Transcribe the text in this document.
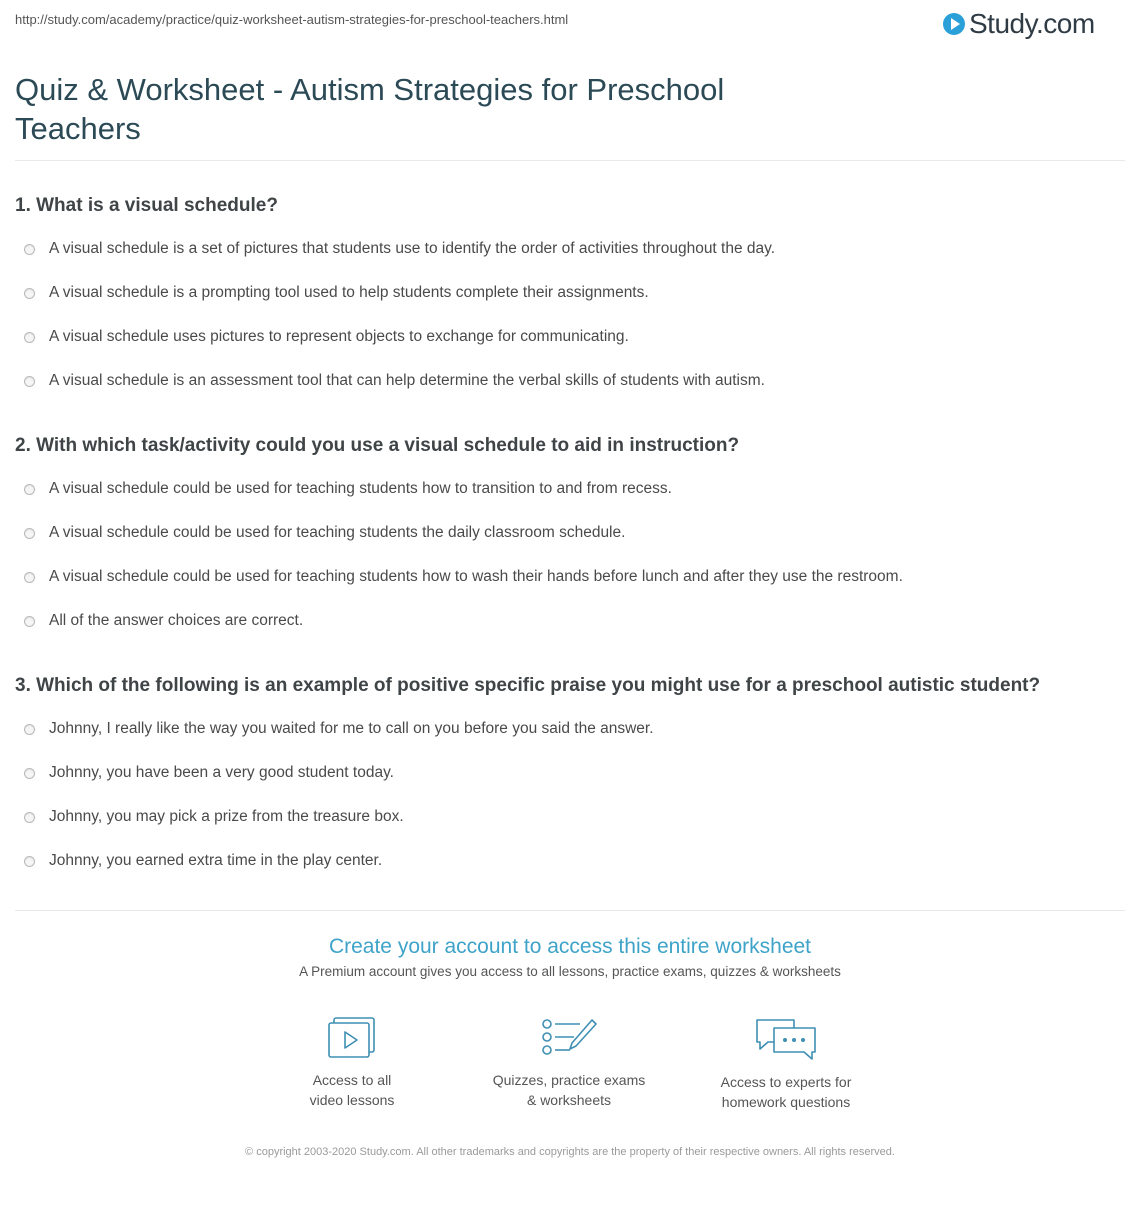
http://study.com/academy/practice/quiz-worksheet-autism-strategies-for-preschool-teachers.html	Study.com
Quiz & Worksheet - Autism Strategies for Preschool Teachers
1. What is a visual schedule?
A visual schedule is a set of pictures that students use to identify the order of activities throughout the day.
A visual schedule is a prompting tool used to help students complete their assignments.
A visual schedule uses pictures to represent objects to exchange for communicating.
A visual schedule is an assessment tool that can help determine the verbal skills of students with autism.
2. With which task/activity could you use a visual schedule to aid in instruction?
A visual schedule could be used for teaching students how to transition to and from recess.
A visual schedule could be used for teaching students the daily classroom schedule.
A visual schedule could be used for teaching students how to wash their hands before lunch and after they use the restroom.
All of the answer choices are correct.
3. Which of the following is an example of positive specific praise you might use for a preschool autistic student?
Johnny, I really like the way you waited for me to call on you before you said the answer.
Johnny, you have been a very good student today.
Johnny, you may pick a prize from the treasure box.
Johnny, you earned extra time in the play center.

Create your account to access this entire worksheet

A Premium account gives you access to all lessons, practice exams, quizzes & worksheets
Access to all
video lessons
Quizzes, practice exams
& worksheets
Access to experts for
homework questions
© copyright 2003-2020 Study.com. All other trademarks and copyrights are the property of their respective owners. All rights reserved.
